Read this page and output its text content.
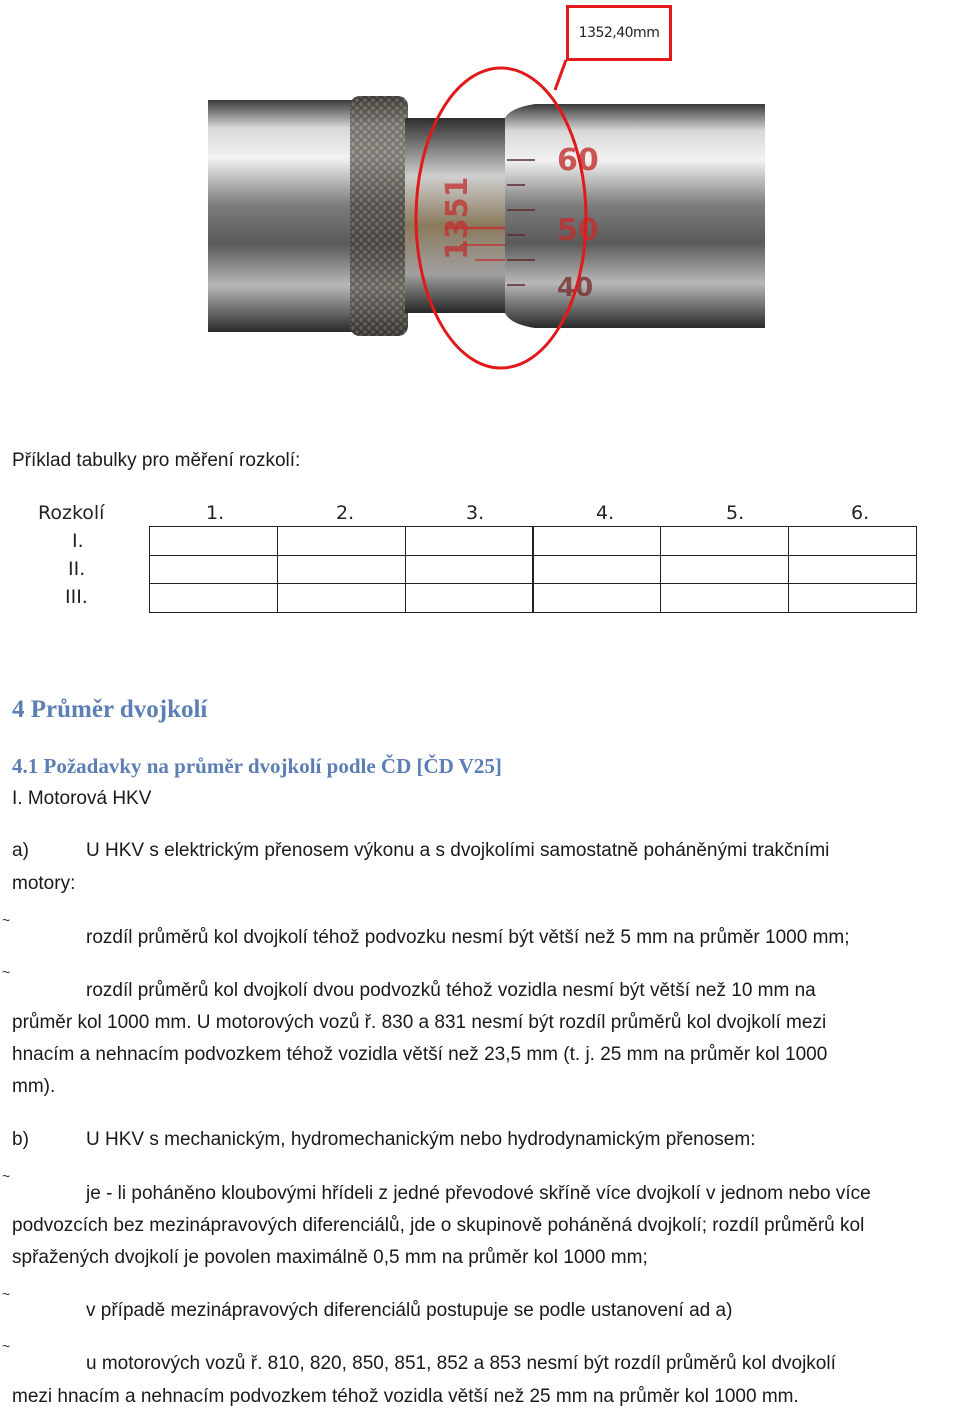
1351
60
50
40
1352,40mm
Příklad tabulky pro měření rozkolí:
Rozkolí	1.	2.	3.	4.	5.	6.
I.
II.
III.
4 Průměr dvojkolí
4.1 Požadavky na průměr dvojkolí podle ČD [ČD V25]
I. Motorová HKV
a)	U HKV s elektrickým přenosem výkonu a s dvojkolími samostatně poháněnými trakčními
motory:
~
rozdíl průměrů kol dvojkolí téhož podvozku nesmí být větší než 5 mm na průměr 1000 mm;
~
rozdíl průměrů kol dvojkolí dvou podvozků téhož vozidla nesmí být větší než 10 mm na
průměr kol 1000 mm. U motorových vozů ř. 830 a 831 nesmí být rozdíl průměrů kol dvojkolí mezi
hnacím a nehnacím podvozkem téhož vozidla větší než 23,5 mm (t. j. 25 mm na průměr kol 1000
mm).
b)	U HKV s mechanickým, hydromechanickým nebo hydrodynamickým přenosem:
~
je - li poháněno kloubovými hřídeli z jedné převodové skříně více dvojkolí v jednom nebo více
podvozcích bez mezinápravových diferenciálů, jde o skupinově poháněná dvojkolí; rozdíl průměrů kol
spřažených dvojkolí je povolen maximálně 0,5 mm na průměr kol 1000 mm;
~
v případě mezinápravových diferenciálů postupuje se podle ustanovení ad a)
~
u motorových vozů ř. 810, 820, 850, 851, 852 a 853 nesmí být rozdíl průměrů kol dvojkolí
mezi hnacím a nehnacím podvozkem téhož vozidla větší než 25 mm na průměr kol 1000 mm.
